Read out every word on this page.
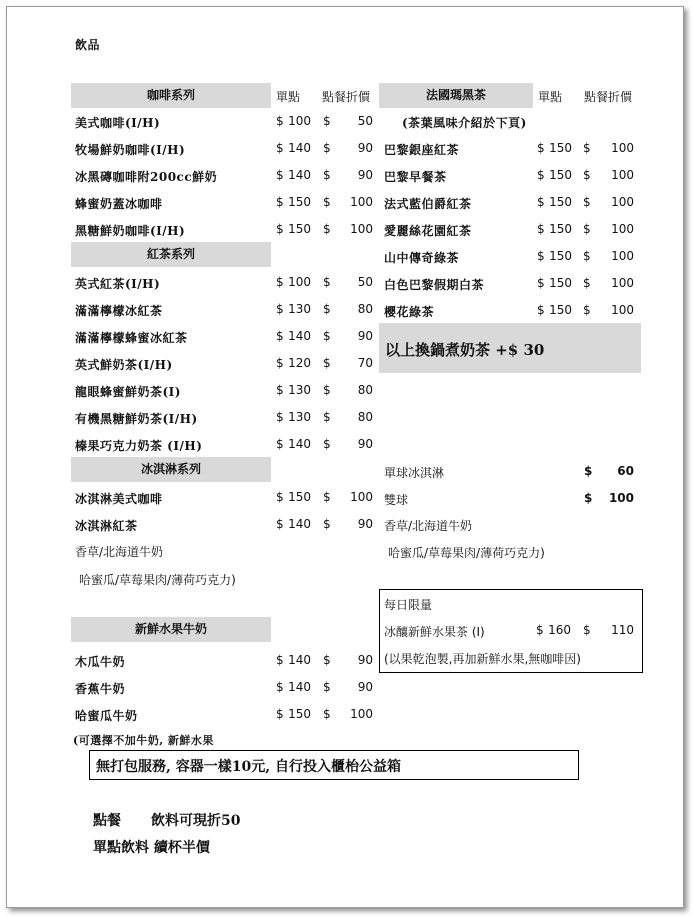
飲品
咖啡系列	單點 點餐折價
美式咖啡(I/H)	$ 100 $	50
牧場鮮奶咖啡(I/H)	$ 140 $	90
冰黑磚咖啡附200cc鮮奶	$ 140 $	90
蜂蜜奶蓋冰咖啡	$ 150 $	100
黑糖鮮奶咖啡(I/H)	$ 150 $	100
紅茶系列
英式紅茶(I/H)	$ 100 $	50
滿滿檸檬冰紅茶	$ 130 $	80
滿滿檸檬蜂蜜冰紅茶	$ 140 $	90
英式鮮奶茶(I/H)	$ 120 $	70
龍眼蜂蜜鮮奶茶(I)	$ 130 $	80
有機黑糖鮮奶茶(I/H)	$ 130 $	80
榛果巧克力奶茶 (I/H)	$ 140 $	90
冰淇淋系列
冰淇淋美式咖啡	$ 150 $	100
冰淇淋紅茶	$ 140 $	90
香草/北海道牛奶
哈蜜瓜/草莓果肉/薄荷巧克力)
新鮮水果牛奶
木瓜牛奶	$ 140 $	90
香蕉牛奶	$ 140 $	90
哈蜜瓜牛奶	$ 150 $	100
(可選擇不加牛奶, 新鮮水果
法國瑪黑茶	單點 點餐折價
(茶葉風味介紹於下頁)
巴黎銀座紅茶	$ 150 $	100
巴黎早餐茶	$ 150 $	100
法式藍伯爵紅茶	$ 150 $	100
愛麗絲花園紅茶	$ 150 $	100
山中傳奇綠茶	$ 150 $	100
白色巴黎假期白茶	$ 150 $	100
櫻花綠茶	$ 150 $	100
以上換鍋煮奶茶 +$ 30
單球冰淇淋	$	60
雙球	$	100
香草/北海道牛奶
哈蜜瓜/草莓果肉/薄荷巧克力)
每日限量
冰釀新鮮水果茶 (I)	$ 160 $	110
(以果乾泡製,再加新鮮水果,無咖啡因)
無打包服務, 容器一樣10元, 自行投入櫃枱公益箱
點餐 飲料可現折50
單點飲料 續杯半價
